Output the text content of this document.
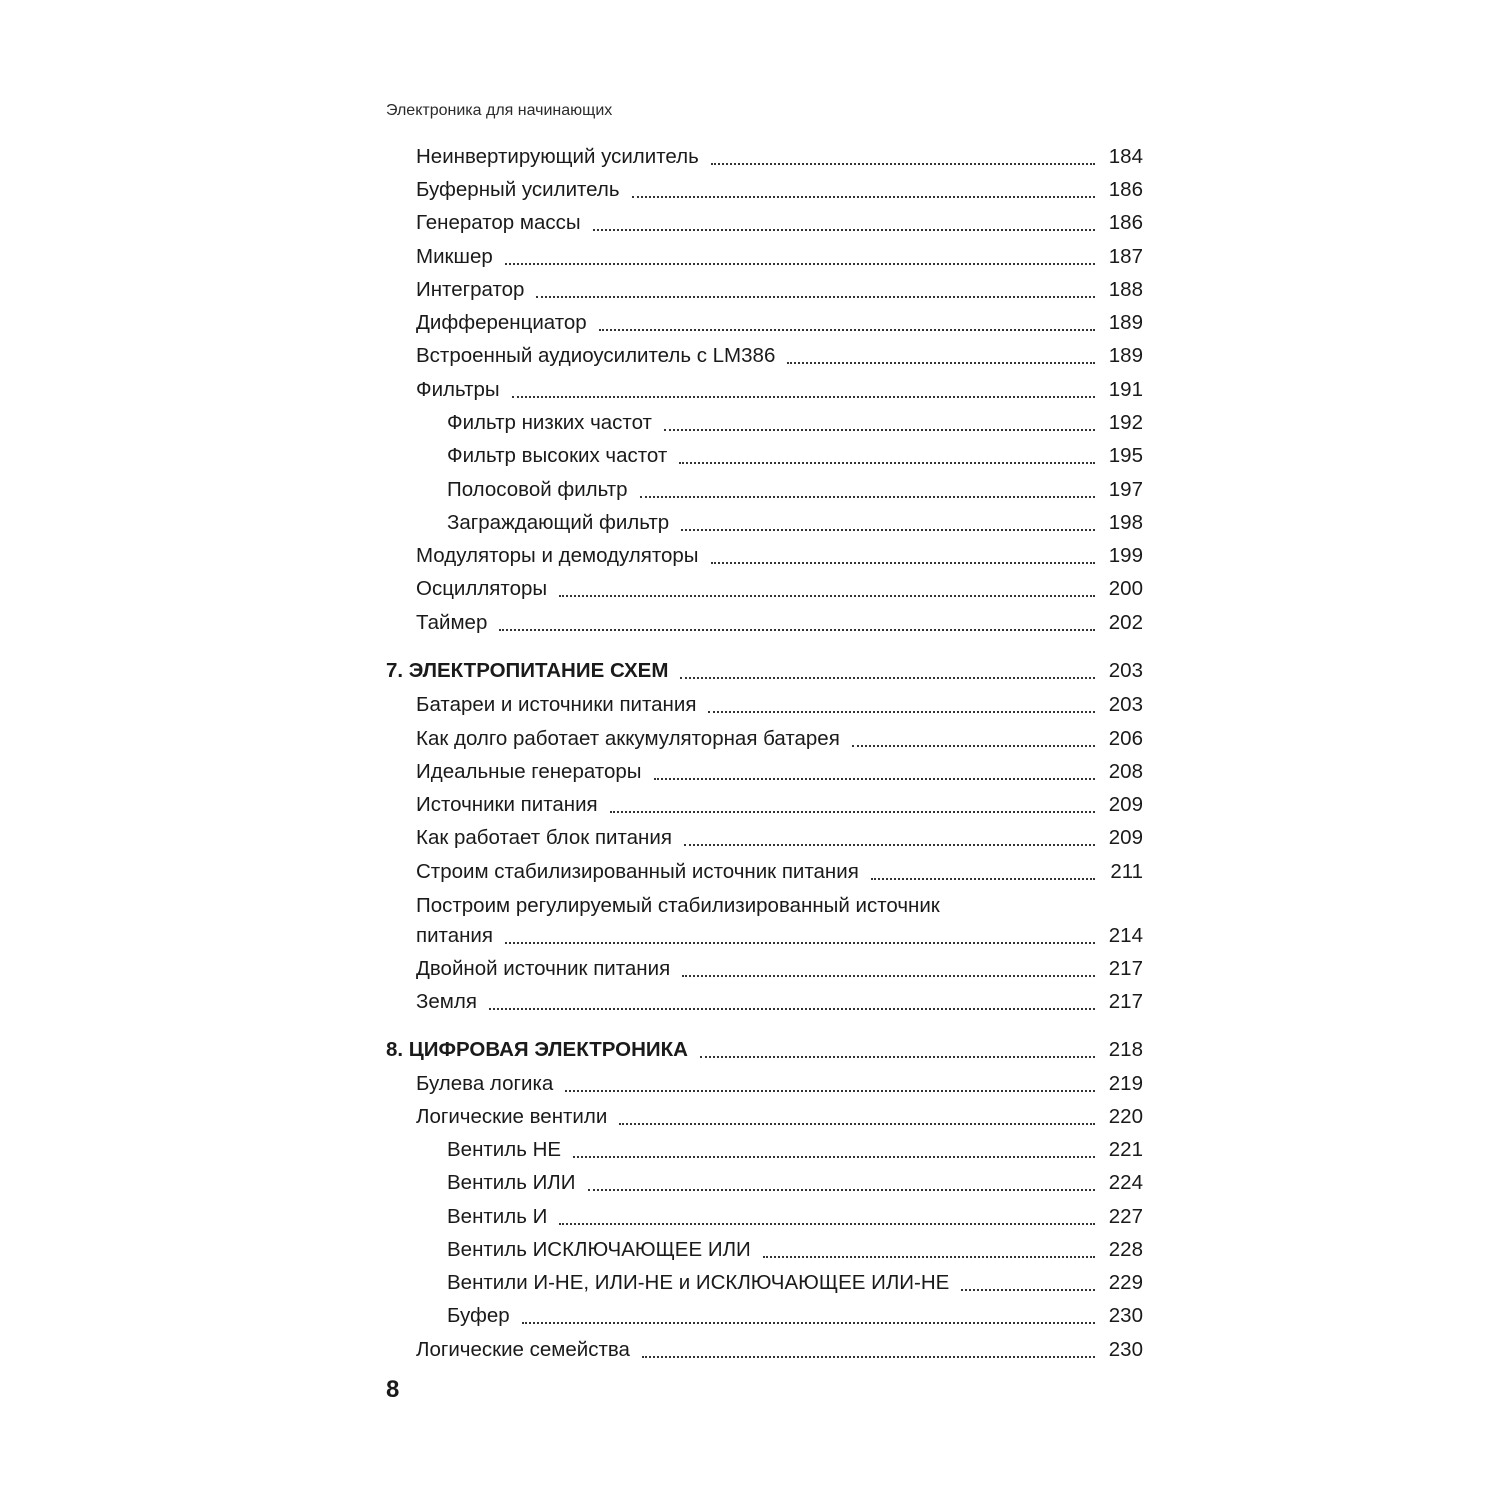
Электроника для начинающих
Неинвертирующий усилитель	184
Буферный усилитель	186
Генератор массы	186
Микшер	187
Интегратор	188
Дифференциатор	189
Встроенный аудиоусилитель с LM386	189
Фильтры	191
Фильтр низких частот	192
Фильтр высоких частот	195
Полосовой фильтр	197
Заграждающий фильтр	198
Модуляторы и демодуляторы	199
Осцилляторы	200
Таймер	202
7. ЭЛЕКТРОПИТАНИЕ СХЕМ	203
Батареи и источники питания	203
Как долго работает аккумуляторная батарея	206
Идеальные генераторы	208
Источники питания	209
Как работает блок питания	209
Строим стабилизированный источник питания	211
Построим регулируемый стабилизированный источник
питания	214
Двойной источник питания	217
Земля	217
8. ЦИФРОВАЯ ЭЛЕКТРОНИКА	218
Булева логика	219
Логические вентили	220
Вентиль НЕ	221
Вентиль ИЛИ	224
Вентиль И	227
Вентиль ИСКЛЮЧАЮЩЕЕ ИЛИ	228
Вентили И-НЕ, ИЛИ-НЕ и ИСКЛЮЧАЮЩЕЕ ИЛИ-НЕ	229
Буфер	230
Логические семейства	230
8
